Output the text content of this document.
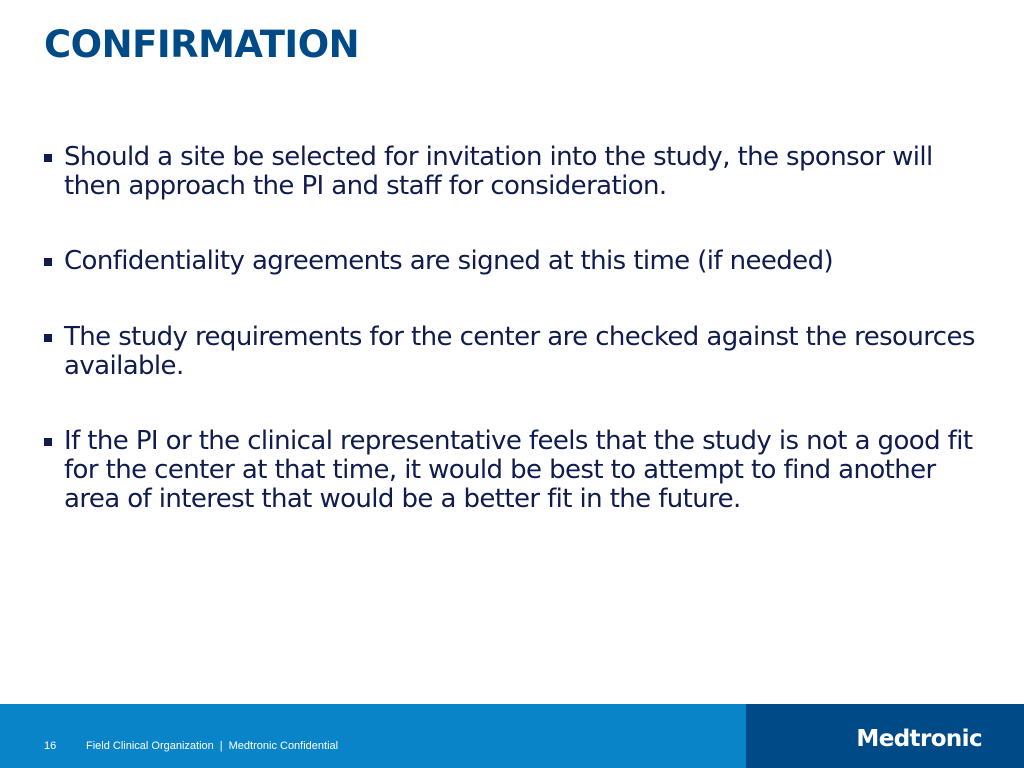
CONFIRMATION
Should a site be selected for invitation into the study, the sponsor will then approach the PI and staff for consideration.
Confidentiality agreements are signed at this time (if needed)
The study requirements for the center are checked against the resources available.
If the PI or the clinical representative feels that the study is not a good fit for the center at that time, it would be best to attempt to find another area of interest that would be a better fit in the future.
16	Field Clinical Organization | Medtronic Confidential	Medtronic
